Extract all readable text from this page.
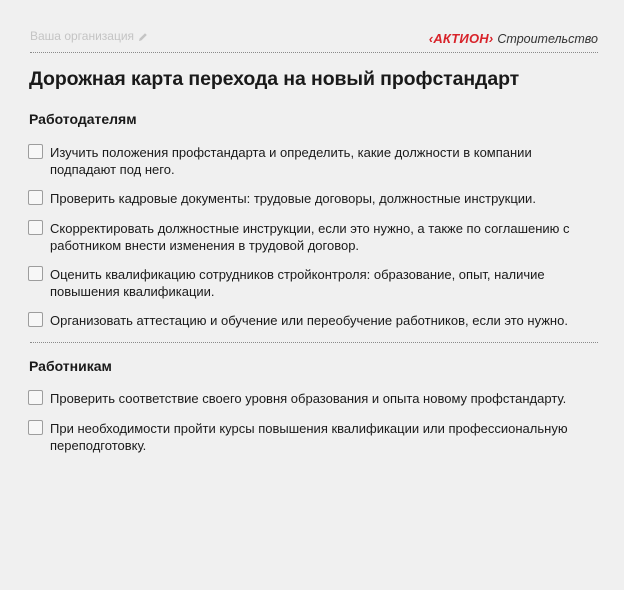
Ваша организация	‹АКТИОН› Строительство
Дорожная карта перехода на новый профстандарт
Работодателям
Изучить положения профстандарта и определить, какие должности в компании подпадают под него.
Проверить кадровые документы: трудовые договоры, должностные инструкции.
Скорректировать должностные инструкции, если это нужно, а также по соглашению с работником внести изменения в трудовой договор.
Оценить квалификацию сотрудников стройконтроля: образование, опыт, наличие повышения квалификации.
Организовать аттестацию и обучение или переобучение работников, если это нужно.
Работникам
Проверить соответствие своего уровня образования и опыта новому профстандарту.
При необходимости пройти курсы повышения квалификации или профессиональную переподготовку.
